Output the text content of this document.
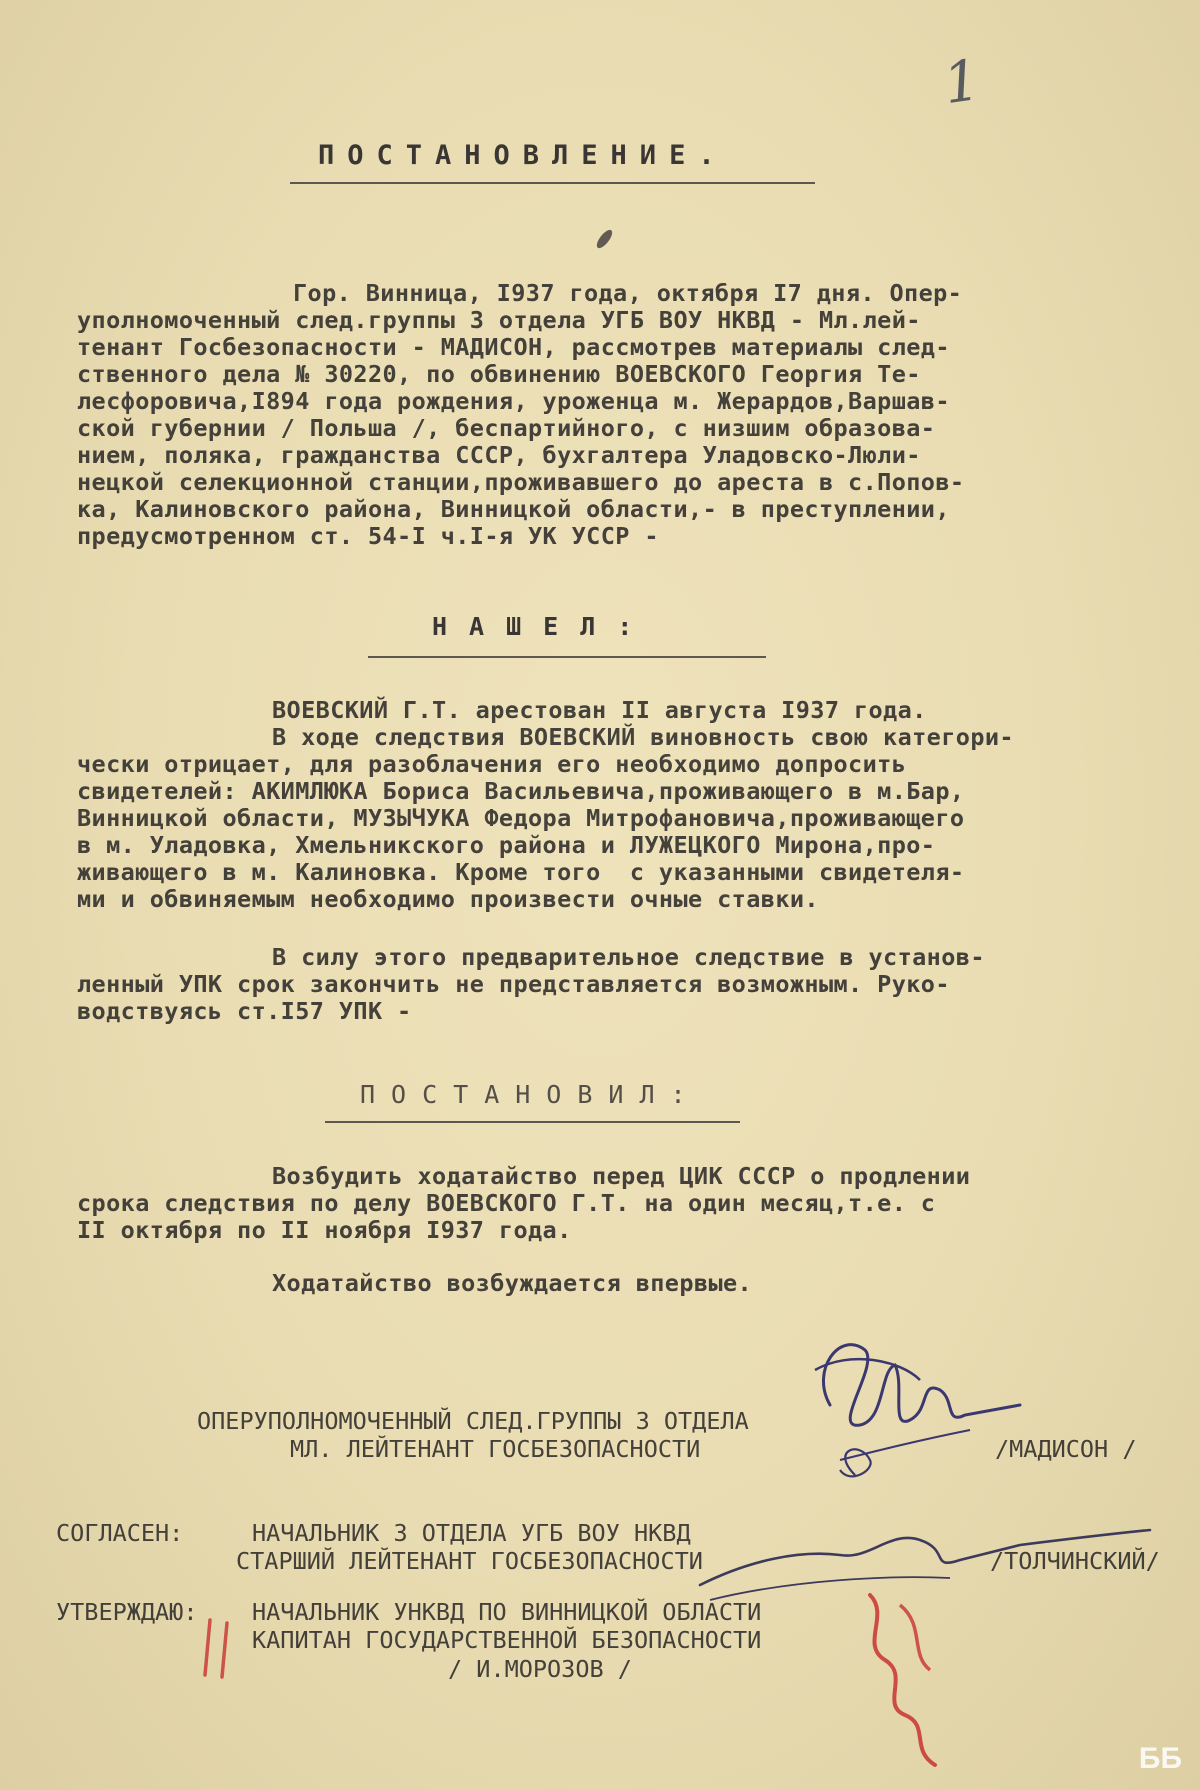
1
ПОСТАНОВЛЕНИЕ.
Гор. Винница, I937 года, октября I7 дня. Опер-
уполномоченный след.группы 3 отдела УГБ ВОУ НКВД - Мл.лей-
тенант Госбезопасности - МАДИСОН, рассмотрев материалы след-
ственного дела № 30220, по обвинению ВОЕВСКОГО Георгия Те-
лесфоровича,I894 года рождения, уроженца м. Жерардов,Варшав-
ской губернии / Польша /, беспартийного, с низшим образова-
нием, поляка, гражданства СССР, бухгалтера Уладовско-Люли-
нецкой селекционной станции,проживавшего до ареста в с.Попов-
ка, Калиновского района, Винницкой области,- в преступлении,
предусмотренном ст. 54-I ч.I-я УК УССР -
НАШЕЛ:
ВОЕВСКИЙ Г.Т. арестован II августа I937 года.
В ходе следствия ВОЕВСКИЙ виновность свою категори-
чески отрицает, для разоблачения его необходимо допросить
свидетелей: АКИМЛЮКА Бориса Васильевича,проживающего в м.Бар,
Винницкой области, МУЗЫЧУКА Федора Митрофановича,проживающего
в м. Уладовка, Хмельникского района и ЛУЖЕЦКОГО Мирона,про-
живающего в м. Калиновка. Кроме того  с указанными свидетеля-
ми и обвиняемым необходимо произвести очные ставки.
В силу этого предварительное следствие в установ-
ленный УПК срок закончить не представляется возможным. Руко-
водствуясь ст.I57 УПК -
ПОСТАНОВИЛ:
Возбудить ходатайство перед ЦИК СССР о продлении
срока следствия по делу ВОЕВСКОГО Г.Т. на один месяц,т.е. с
II октября по II ноября I937 года.
Ходатайство возбуждается впервые.
ОПЕРУПОЛНОМОЧЕННЫЙ СЛЕД.ГРУППЫ 3 ОТДЕЛА
МЛ. ЛЕЙТЕНАНТ ГОСБЕЗОПАСНОСТИ	/МАДИСОН /
СОГЛАСЕН:	НАЧАЛЬНИК 3 ОТДЕЛА УГБ ВОУ НКВД
СТАРШИЙ ЛЕЙТЕНАНТ ГОСБЕЗОПАСНОСТИ	/ТОЛЧИНСКИЙ/
УТВЕРЖДАЮ: НАЧАЛЬНИК УНКВД ПО ВИННИЦКОЙ ОБЛАСТИ
КАПИТАН ГОСУДАРСТВЕННОЙ БЕЗОПАСНОСТИ
/ И.МОРОЗОВ /
ББ
